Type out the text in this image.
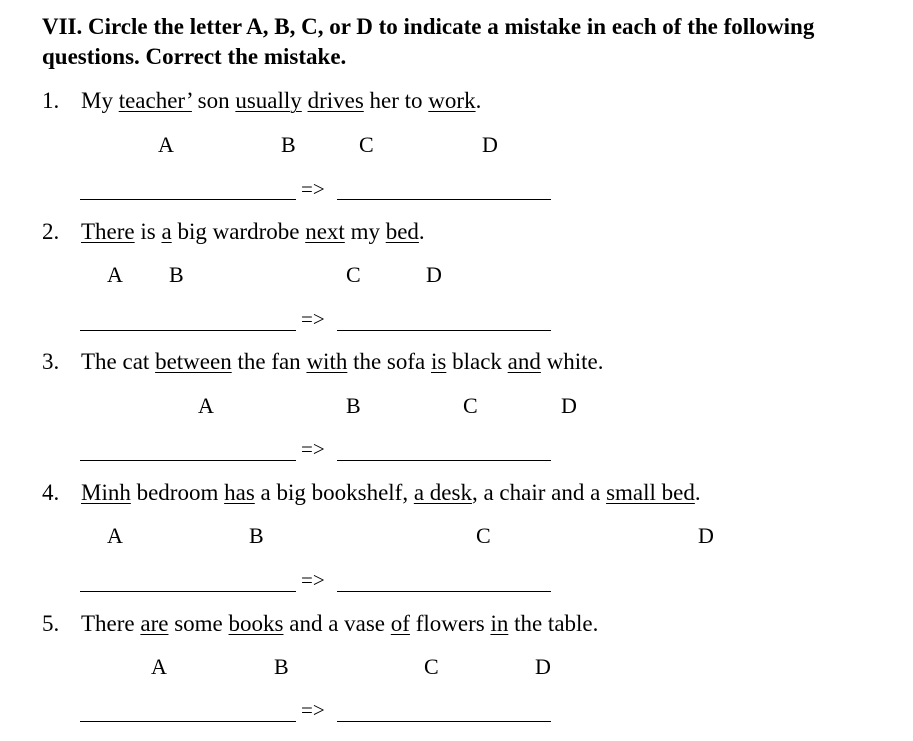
VII. Circle the letter A, B, C, or D to indicate a mistake in each of the following questions. Correct the mistake.

1. My teacher’ son usually drives her to work.
A	B	C	D
=>
2. There is a big wardrobe next my bed.
A B	C	D
=>
3. The cat between the fan with the sofa is black and white.
A	B	C	D
=>
4. Minh bedroom has a big bookshelf, a desk, a chair and a small bed.
A	B	C	D
=>
5. There are some books and a vase of flowers in the table.
A	B	C	D
=>
